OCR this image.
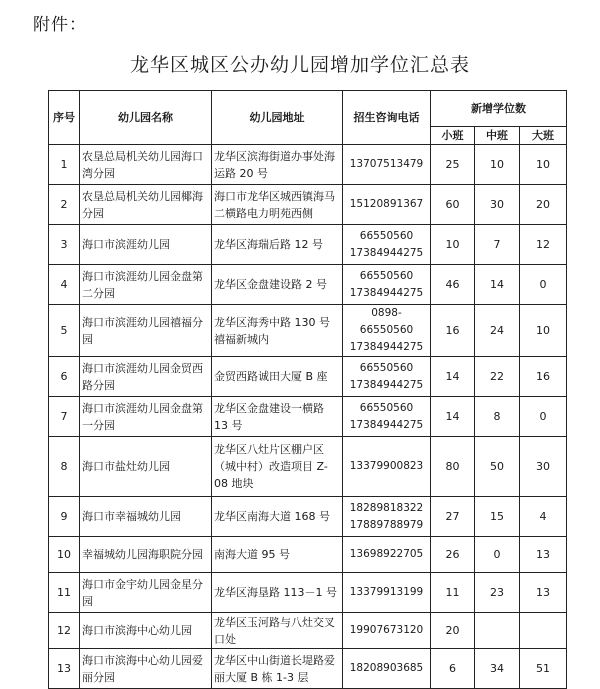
附件：
龙华区城区公办幼儿园增加学位汇总表
序号	幼儿园名称	幼儿园地址	招生咨询电话	新增学位数		
				小班	中班	大班
1	农垦总局机关幼儿园海口湾分园	龙华区滨海街道办事处海运路 20 号	13707513479	25	10	10
2	农垦总局机关幼儿园椰海分园	海口市龙华区城西镇海马二横路电力明苑西侧	15120891367	60	30	20
3	海口市滨涯幼儿园	龙华区海瑞后路 12 号	66550560 17384944275	10	7	12
4	海口市滨涯幼儿园金盘第二分园	龙华区金盘建设路 2 号	66550560 17384944275	46	14	0
5	海口市滨涯幼儿园禧福分园	龙华区海秀中路 130 号禧福新城内	0898-66550560 17384944275	16	24	10
6	海口市滨涯幼儿园金贸西路分园	金贸西路诚田大厦 B 座	66550560 17384944275	14	22	16
7	海口市滨涯幼儿园金盘第一分园	龙华区金盘建设一横路 13 号	66550560 17384944275	14	8	0
8	海口市盐灶幼儿园	龙华区八灶片区棚户区（城中村）改造项目 Z-08 地块	13379900823	80	50	30
9	海口市幸福城幼儿园	龙华区南海大道 168 号	18289818322 17889788979	27	15	4
10	幸福城幼儿园海职院分园	南海大道 95 号	13698922705	26	0	13
11	海口市金宇幼儿园金星分园	龙华区海垦路 113－1 号	13379913199	11	23	13
12	海口市滨海中心幼儿园	龙华区玉河路与八灶交叉口处	19907673120	20		
13	海口市滨海中心幼儿园爱丽分园	龙华区中山街道长堤路爱丽大厦 B 栋 1-3 层	18208903685	6	34	51
